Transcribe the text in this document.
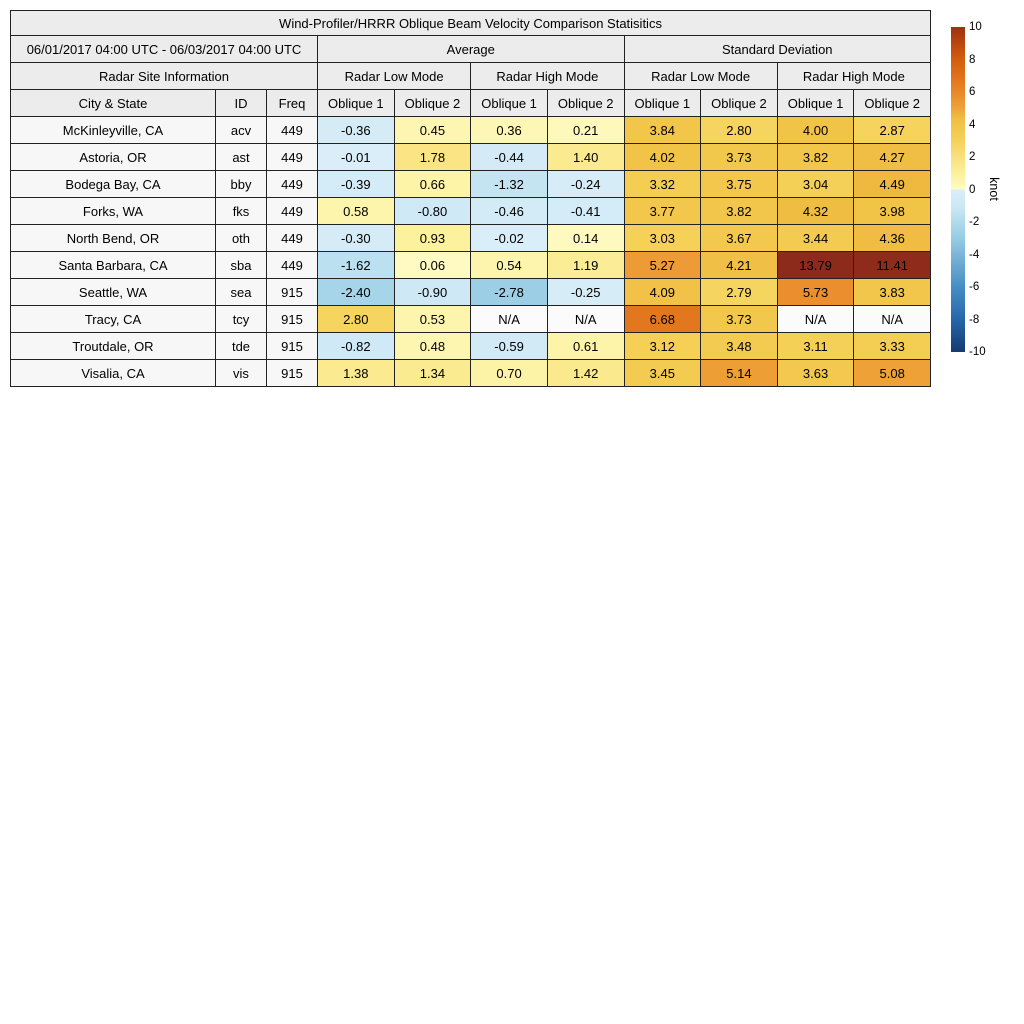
Wind-Profiler/HRRR Oblique Beam Velocity Comparison Statisitics										
06/01/2017 04:00 UTC - 06/03/2017 04:00 UTC			Average				Standard Deviation			
Radar Site Information			Radar Low Mode		Radar High Mode		Radar Low Mode		Radar High Mode	
City & State	ID	Freq	Oblique 1	Oblique 2	Oblique 1	Oblique 2	Oblique 1	Oblique 2	Oblique 1	Oblique 2
McKinleyville, CA	acv	449	-0.36	0.45	0.36	0.21	3.84	2.80	4.00	2.87
Astoria, OR	ast	449	-0.01	1.78	-0.44	1.40	4.02	3.73	3.82	4.27
Bodega Bay, CA	bby	449	-0.39	0.66	-1.32	-0.24	3.32	3.75	3.04	4.49
Forks, WA	fks	449	0.58	-0.80	-0.46	-0.41	3.77	3.82	4.32	3.98
North Bend, OR	oth	449	-0.30	0.93	-0.02	0.14	3.03	3.67	3.44	4.36
Santa Barbara, CA	sba	449	-1.62	0.06	0.54	1.19	5.27	4.21	13.79	11.41
Seattle, WA	sea	915	-2.40	-0.90	-2.78	-0.25	4.09	2.79	5.73	3.83
Tracy, CA	tcy	915	2.80	0.53	N/A	N/A	6.68	3.73	N/A	N/A
Troutdale, OR	tde	915	-0.82	0.48	-0.59	0.61	3.12	3.48	3.11	3.33
Visalia, CA	vis	915	1.38	1.34	0.70	1.42	3.45	5.14	3.63	5.08
10
8
6
4
2
0
-2
-4
-6
-8
-10
knot
